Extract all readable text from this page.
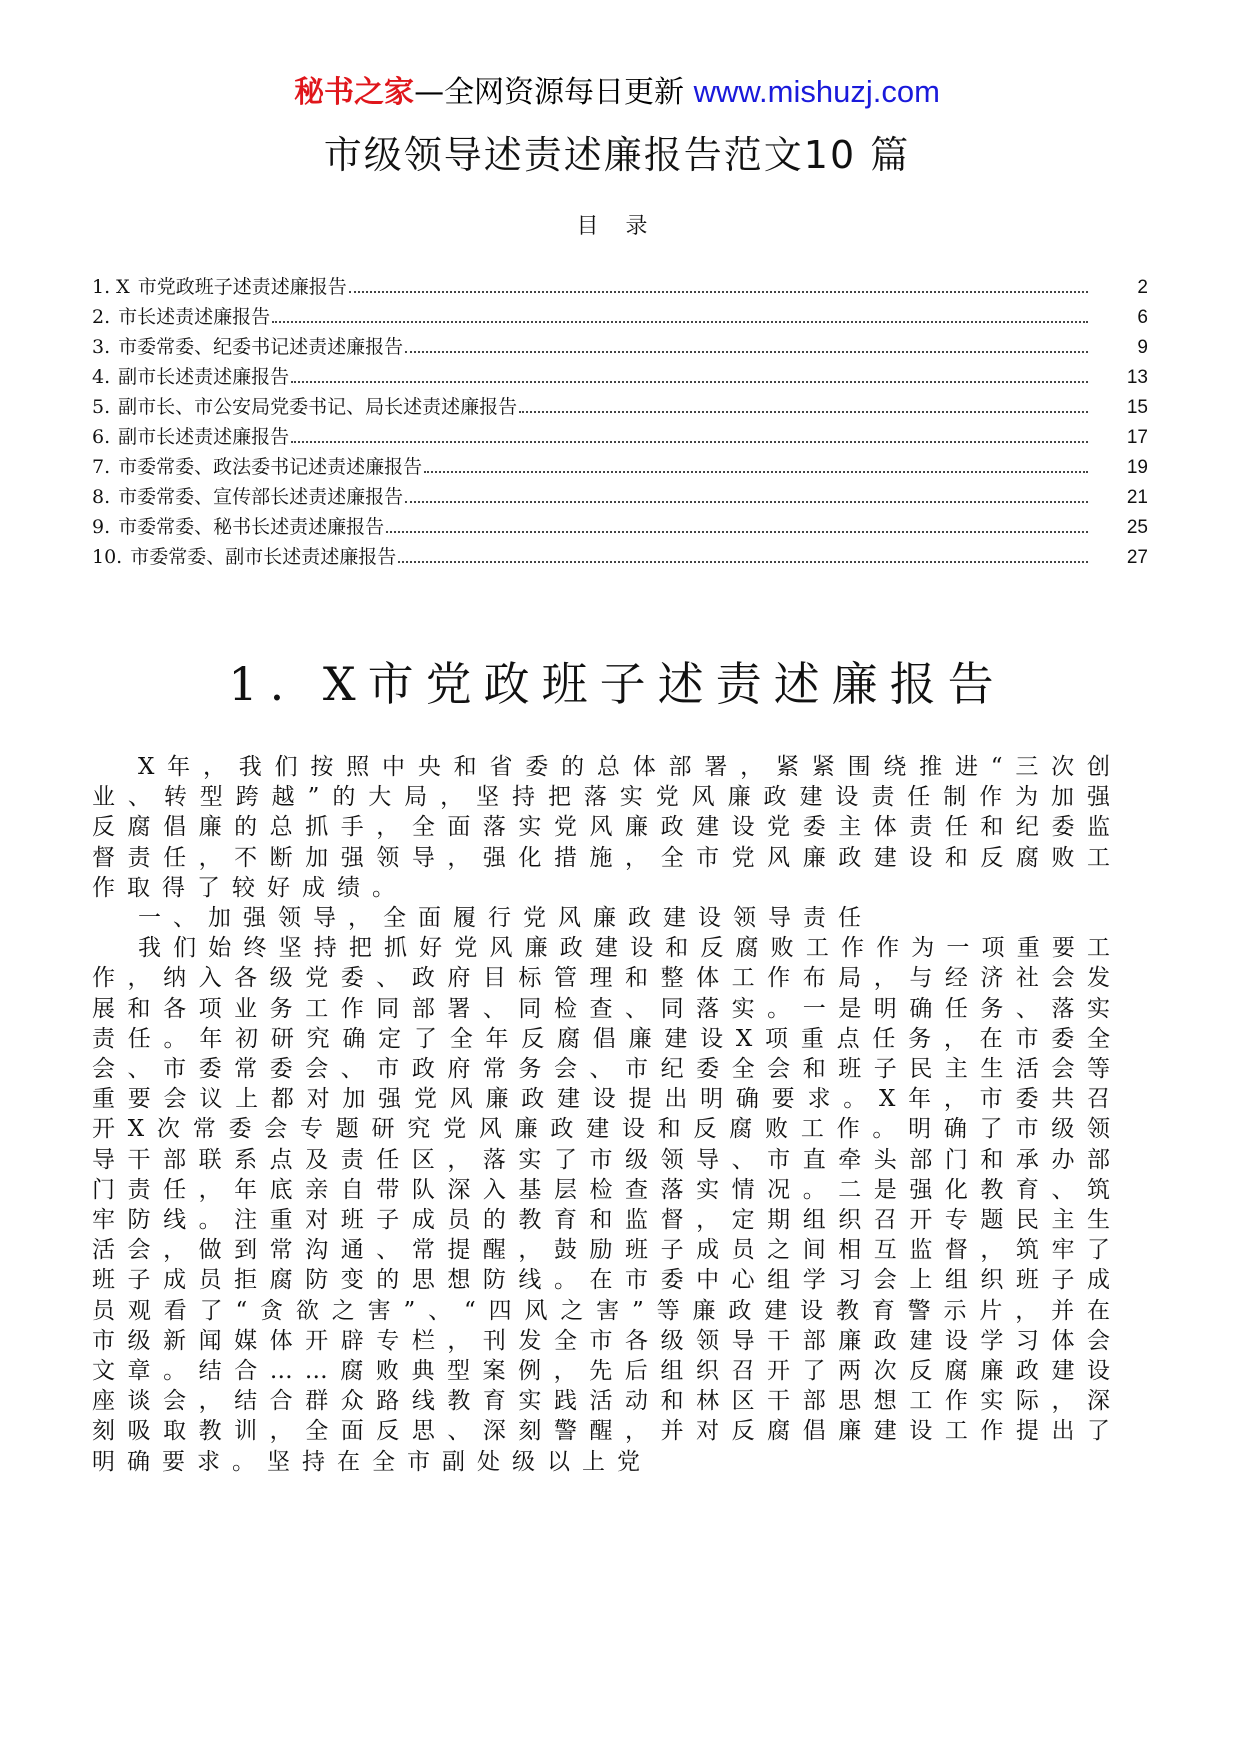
秘书之家—全网资源每日更新 www.mishuzj.com
市级领导述责述廉报告范文10 篇
目 录
1. X 市党政班子述责述廉报告	2
2. 市长述责述廉报告	6
3. 市委常委、纪委书记述责述廉报告	9
4. 副市长述责述廉报告	13
5. 副市长、市公安局党委书记、局长述责述廉报告	15
6. 副市长述责述廉报告	17
7. 市委常委、政法委书记述责述廉报告	19
8. 市委常委、宣传部长述责述廉报告	21
9. 市委常委、秘书长述责述廉报告	25
10. 市委常委、副市长述责述廉报告	27
1. X市党政班子述责述廉报告

X年，我们按照中央和省委的总体部署，紧紧围绕推进“三次创业、转型跨越”的大局，坚持把落实党风廉政建设责任制作为加强反腐倡廉的总抓手，全面落实党风廉政建设党委主体责任和纪委监督责任，不断加强领导，强化措施，全市党风廉政建设和反腐败工作取得了较好成绩。

一、加强领导，全面履行党风廉政建设领导责任

我们始终坚持把抓好党风廉政建设和反腐败工作作为一项重要工作，纳入各级党委、政府目标管理和整体工作布局，与经济社会发展和各项业务工作同部署、同检查、同落实。一是明确任务、落实责任。年初研究确定了全年反腐倡廉建设X项重点任务，在市委全会、市委常委会、市政府常务会、市纪委全会和班子民主生活会等重要会议上都对加强党风廉政建设提出明确要求。X年，市委共召开X次常委会专题研究党风廉政建设和反腐败工作。明确了市级领导干部联系点及责任区，落实了市级领导、市直牵头部门和承办部门责任，年底亲自带队深入基层检查落实情况。二是强化教育、筑牢防线。注重对班子成员的教育和监督，定期组织召开专题民主生活会，做到常沟通、常提醒，鼓励班子成员之间相互监督，筑牢了班子成员拒腐防变的思想防线。在市委中心组学习会上组织班子成员观看了“贪欲之害”、“四风之害”等廉政建设教育警示片，并在市级新闻媒体开辟专栏，刊发全市各级领导干部廉政建设学习体会文章。结合……腐败典型案例，先后组织召开了两次反腐廉政建设座谈会，结合群众路线教育实践活动和林区干部思想工作实际，深刻吸取教训，全面反思、深刻警醒，并对反腐倡廉建设工作提出了明确要求。坚持在全市副处级以上党
